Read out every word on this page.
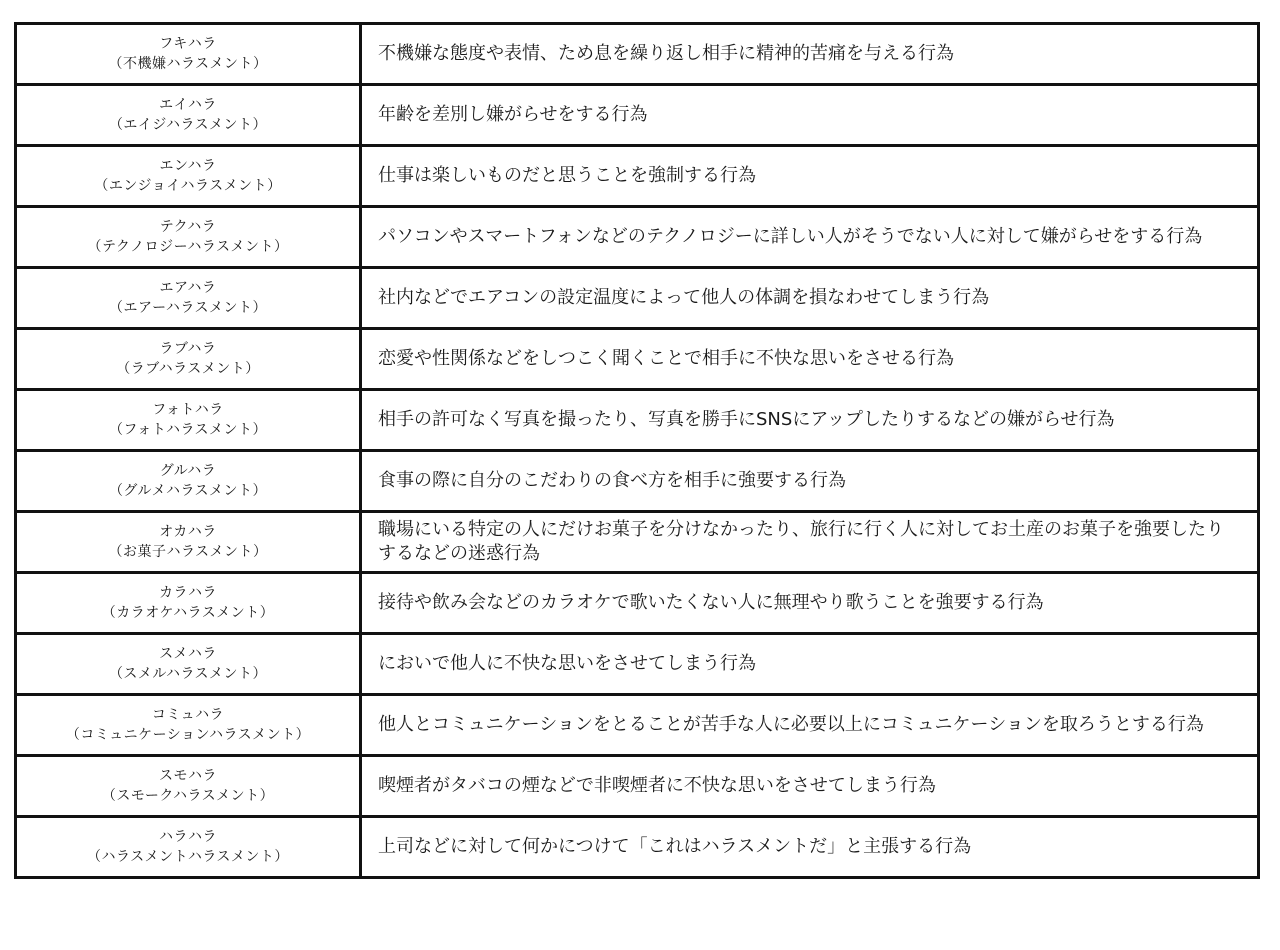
フキハラ
（不機嫌ハラスメント）	不機嫌な態度や表情、ため息を繰り返し相手に精神的苦痛を与える行為

エイハラ
（エイジハラスメント）	年齢を差別し嫌がらせをする行為

エンハラ
（エンジョイハラスメント）	仕事は楽しいものだと思うことを強制する行為

テクハラ
（テクノロジーハラスメント）	パソコンやスマートフォンなどのテクノロジーに詳しい人がそうでない人に対して嫌がらせをする行為

エアハラ
（エアーハラスメント）	社内などでエアコンの設定温度によって他人の体調を損なわせてしまう行為

ラブハラ
（ラブハラスメント）	恋愛や性関係などをしつこく聞くことで相手に不快な思いをさせる行為

フォトハラ
（フォトハラスメント）	相手の許可なく写真を撮ったり、写真を勝手にSNSにアップしたりするなどの嫌がらせ行為

グルハラ
（グルメハラスメント）	食事の際に自分のこだわりの食べ方を相手に強要する行為

オカハラ
（お菓子ハラスメント）	職場にいる特定の人にだけお菓子を分けなかったり、旅行に行く人に対してお土産のお菓子を強要したりするなどの迷惑行為

カラハラ
（カラオケハラスメント）	接待や飲み会などのカラオケで歌いたくない人に無理やり歌うことを強要する行為

スメハラ
（スメルハラスメント）	においで他人に不快な思いをさせてしまう行為

コミュハラ
（コミュニケーションハラスメント）	他人とコミュニケーションをとることが苦手な人に必要以上にコミュニケーションを取ろうとする行為

スモハラ
（スモークハラスメント）	喫煙者がタバコの煙などで非喫煙者に不快な思いをさせてしまう行為

ハラハラ
（ハラスメントハラスメント）	上司などに対して何かにつけて「これはハラスメントだ」と主張する行為
